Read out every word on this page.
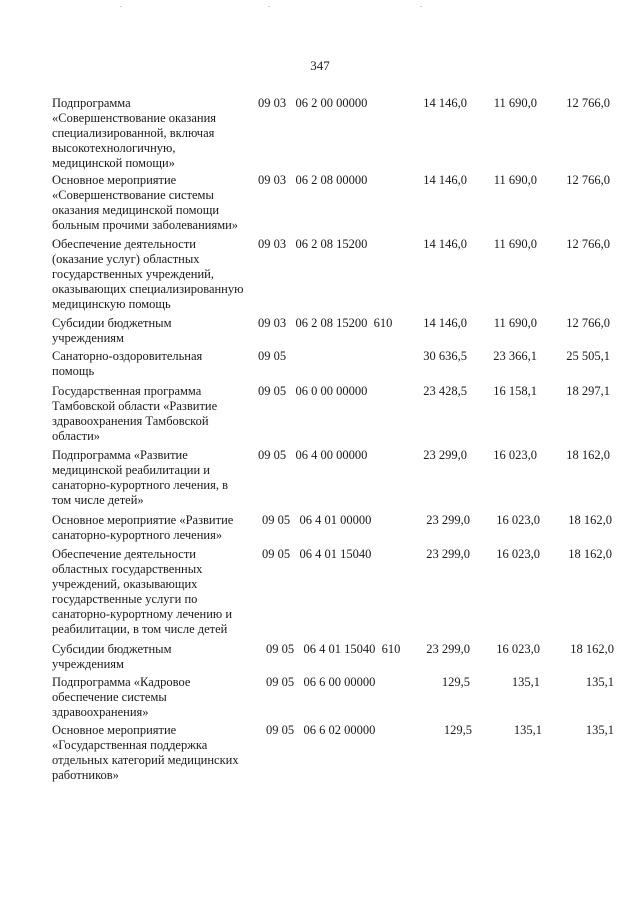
347
Подпрограмма
«Совершенствование оказания
специализированной, включая
высокотехнологичную,
медицинской помощи»
09 03   06 2 00 00000	14 146,0 11 690,0 12 766,0
Основное мероприятие
«Совершенствование системы
оказания медицинской помощи
больным прочими заболеваниями»
09 03   06 2 08 00000	14 146,0 11 690,0 12 766,0
Обеспечение деятельности
(оказание услуг) областных
государственных учреждений,
оказывающих специализированную
медицинскую помощь
09 03   06 2 08 15200	14 146,0 11 690,0 12 766,0
Субсидии бюджетным
учреждениям
09 03   06 2 08 15200  610	14 146,0 11 690,0 12 766,0
Санаторно-оздоровительная
помощь
09 05	30 636,5 23 366,1 25 505,1
Государственная программа
Тамбовской области «Развитие
здравоохранения Тамбовской
области»
09 05   06 0 00 00000	23 428,5 16 158,1 18 297,1
Подпрограмма «Развитие
медицинской реабилитации и
санаторно-курортного лечения, в
том числе детей»
09 05   06 4 00 00000	23 299,0 16 023,0 18 162,0
Основное мероприятие «Развитие
санаторно-курортного лечения»
09 05   06 4 01 00000	23 299,0 16 023,0 18 162,0
Обеспечение деятельности
областных государственных
учреждений, оказывающих
государственные услуги по
санаторно-курортному лечению и
реабилитации, в том числе детей
09 05   06 4 01 15040	23 299,0 16 023,0 18 162,0
Субсидии бюджетным
учреждениям
09 05   06 4 01 15040  610	23 299,0 16 023,0 18 162,0
Подпрограмма «Кадровое
обеспечение системы
здравоохранения»
09 05   06 6 00 00000	129,5	135,1	135,1
Основное мероприятие
«Государственная поддержка
отдельных категорий медицинских
работников»
09 05   06 6 02 00000	129,5	135,1	135,1
